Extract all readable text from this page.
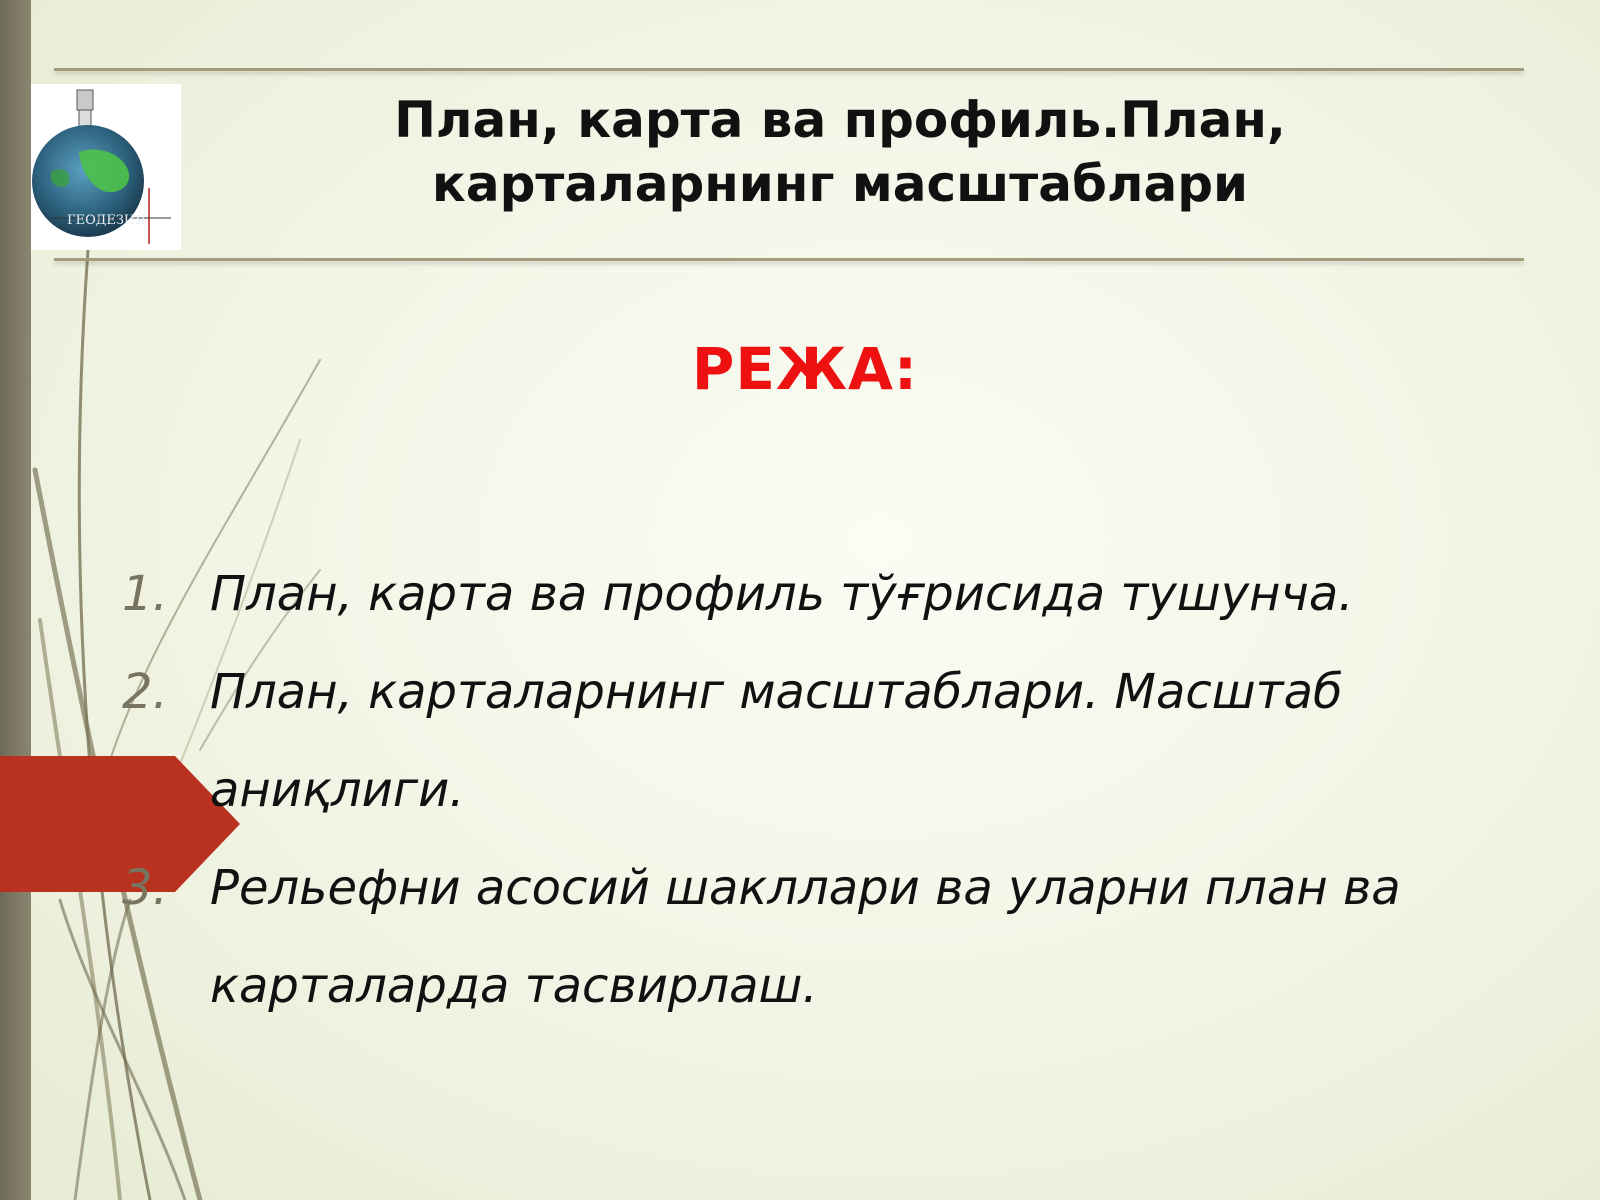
ГЕОДЕЗИЯ
План, карта ва профиль.План, карталарнинг масштаблари
РЕЖА:
1. План, карта ва профиль тўғрисида тушунча.
2. План, карталарнинг масштаблари. Масштаб аниқлиги.
3. Рельефни асосий шакллари ва уларни план ва карталарда тасвирлаш.
